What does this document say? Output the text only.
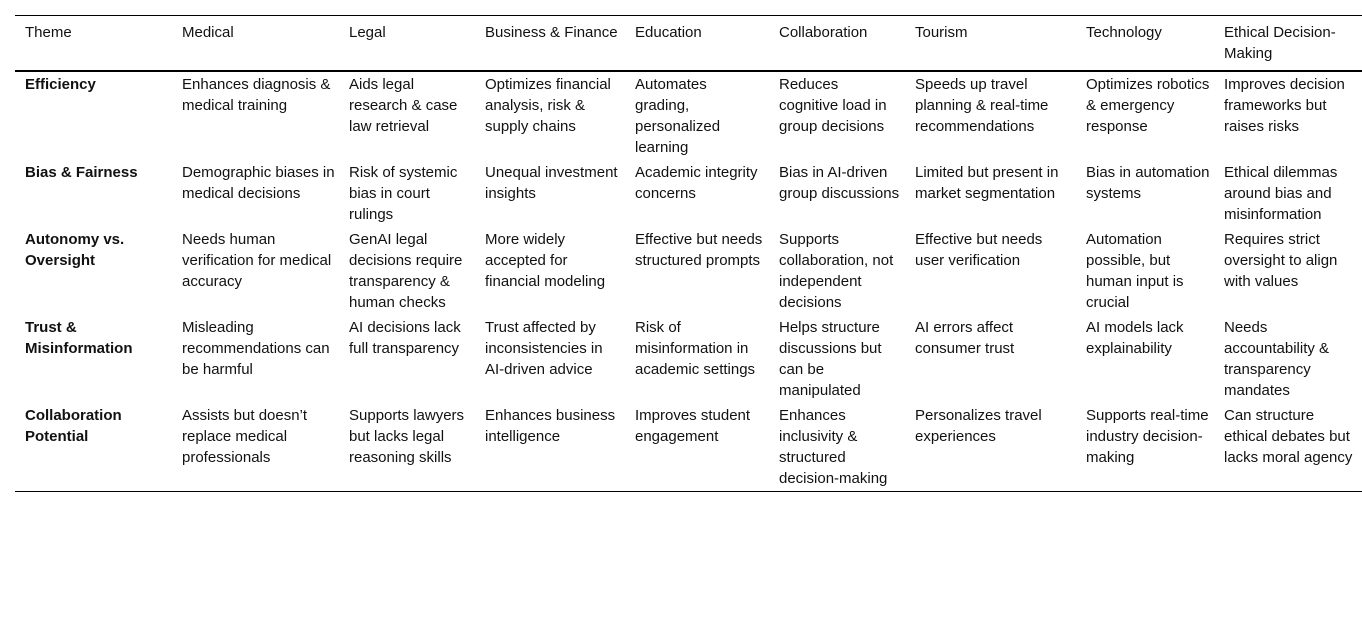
Theme	Medical	Legal	Business & Finance	Education	Collaboration	Tourism	Technology	Ethical Decision-Making
Efficiency	Enhances diagnosis & medical training	Aids legal research & case law retrieval	Optimizes financial analysis, risk & supply chains	Automates grading, personalized learning	Reduces cognitive load in group decisions	Speeds up travel planning & real-time recommendations	Optimizes robotics & emergency response	Improves decision frameworks but raises risks
Bias & Fairness	Demographic biases in medical decisions	Risk of systemic bias in court rulings	Unequal investment insights	Academic integrity concerns	Bias in AI-driven group discussions	Limited but present in market segmentation	Bias in automation systems	Ethical dilemmas around bias and misinformation
Autonomy vs. Oversight	Needs human verification for medical accuracy	GenAI legal decisions require transparency & human checks	More widely accepted for financial modeling	Effective but needs structured prompts	Supports collaboration, not independent decisions	Effective but needs user verification	Automation possible, but human input is crucial	Requires strict oversight to align with values
Trust & Misinformation	Misleading recommendations can be harmful	AI decisions lack full transparency	Trust affected by inconsistencies in AI-driven advice	Risk of misinformation in academic settings	Helps structure discussions but can be manipulated	AI errors affect consumer trust	AI models lack explainability	Needs accountability & transparency mandates
Collaboration Potential	Assists but doesn’t replace medical professionals	Supports lawyers but lacks legal reasoning skills	Enhances business intelligence	Improves student engagement	Enhances inclusivity & structured decision-making	Personalizes travel experiences	Supports real-time industry decision-making	Can structure ethical debates but lacks moral agency
